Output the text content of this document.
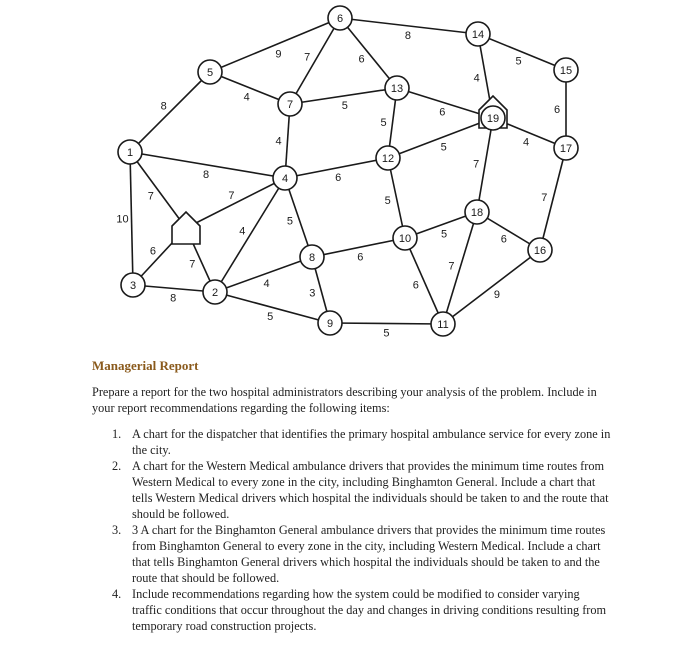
1
2
3
4
5
6
7
8
9
10
11
12
13
14
15
16
17
18
19
9
8
5
8
4
7	6
4
6
5
6
5
5	4
4
8	6
10
7	7
5
4
5
7
7
5	6
6
7
8
4
6
5
3
6
7
5
9
Managerial Report

Prepare a report for the two hospital administrators describing your analysis of the problem. Include in your report recommendations regarding the following items:

1. A chart for the dispatcher that identifies the primary hospital ambulance service for every zone in the city.
2. A chart for the Western Medical ambulance drivers that provides the minimum time routes from Western Medical to every zone in the city, including Binghamton General. Include a chart that tells Western Medical drivers which hospital the individuals should be taken to and the route that should be followed.
3. 3 A chart for the Binghamton General ambulance drivers that provides the minimum time routes from Binghamton General to every zone in the city, including Western Medical. Include a chart that tells Binghamton General drivers which hospital the individuals should be taken to and the route that should be followed.
4. Include recommendations regarding how the system could be modified to consider varying traffic conditions that occur throughout the day and changes in driving conditions resulting from temporary road construction projects.
